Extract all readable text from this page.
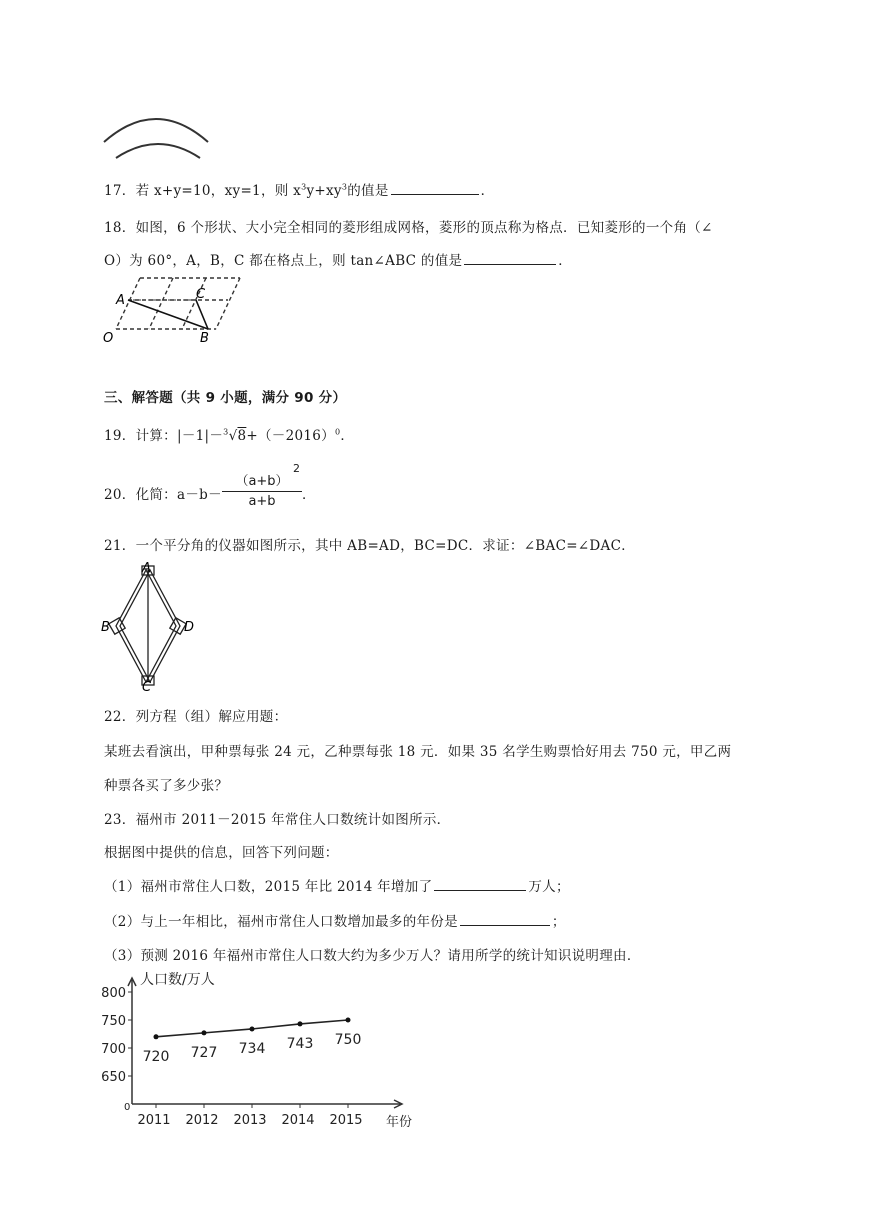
17．若 x+y=10，xy=1，则 $x^3y+xy^3$的值是	．
18．如图，6 个形状、大小完全相同的菱形组成网格，菱形的顶点称为格点．已知菱形的一个角（∠
O）为 60°，A，B，C 都在格点上，则 tan∠ABC 的值是	．
A	C
O	B
三、解答题（共 9 小题，满分 90 分）
19．计算：$|-1|-^3√8+(-2016)^0$．
20．化简：a－b－
（a+b）
2
a+b	．
21．一个平分角的仪器如图所示，其中 AB=AD，BC=DC．求证：∠BAC=∠DAC．
A
B	D
C
22．列方程（组）解应用题：
某班去看演出，甲种票每张 24 元，乙种票每张 18 元．如果 35 名学生购票恰好用去 750 元，甲乙两
种票各买了多少张？
23．福州市 2011－2015 年常住人口数统计如图所示．
根据图中提供的信息，回答下列问题：
（1）福州市常住人口数，2015 年比 2014 年增加了	万人；
（2）与上一年相比，福州市常住人口数增加最多的年份是	；
（3）预测 2016 年福州市常住人口数大约为多少万人？请用所学的统计知识说明理由．
人口数/万人
年份
0
650
700
750
800
2011 2012 2013 2014 2015
720 727 734 743 750
